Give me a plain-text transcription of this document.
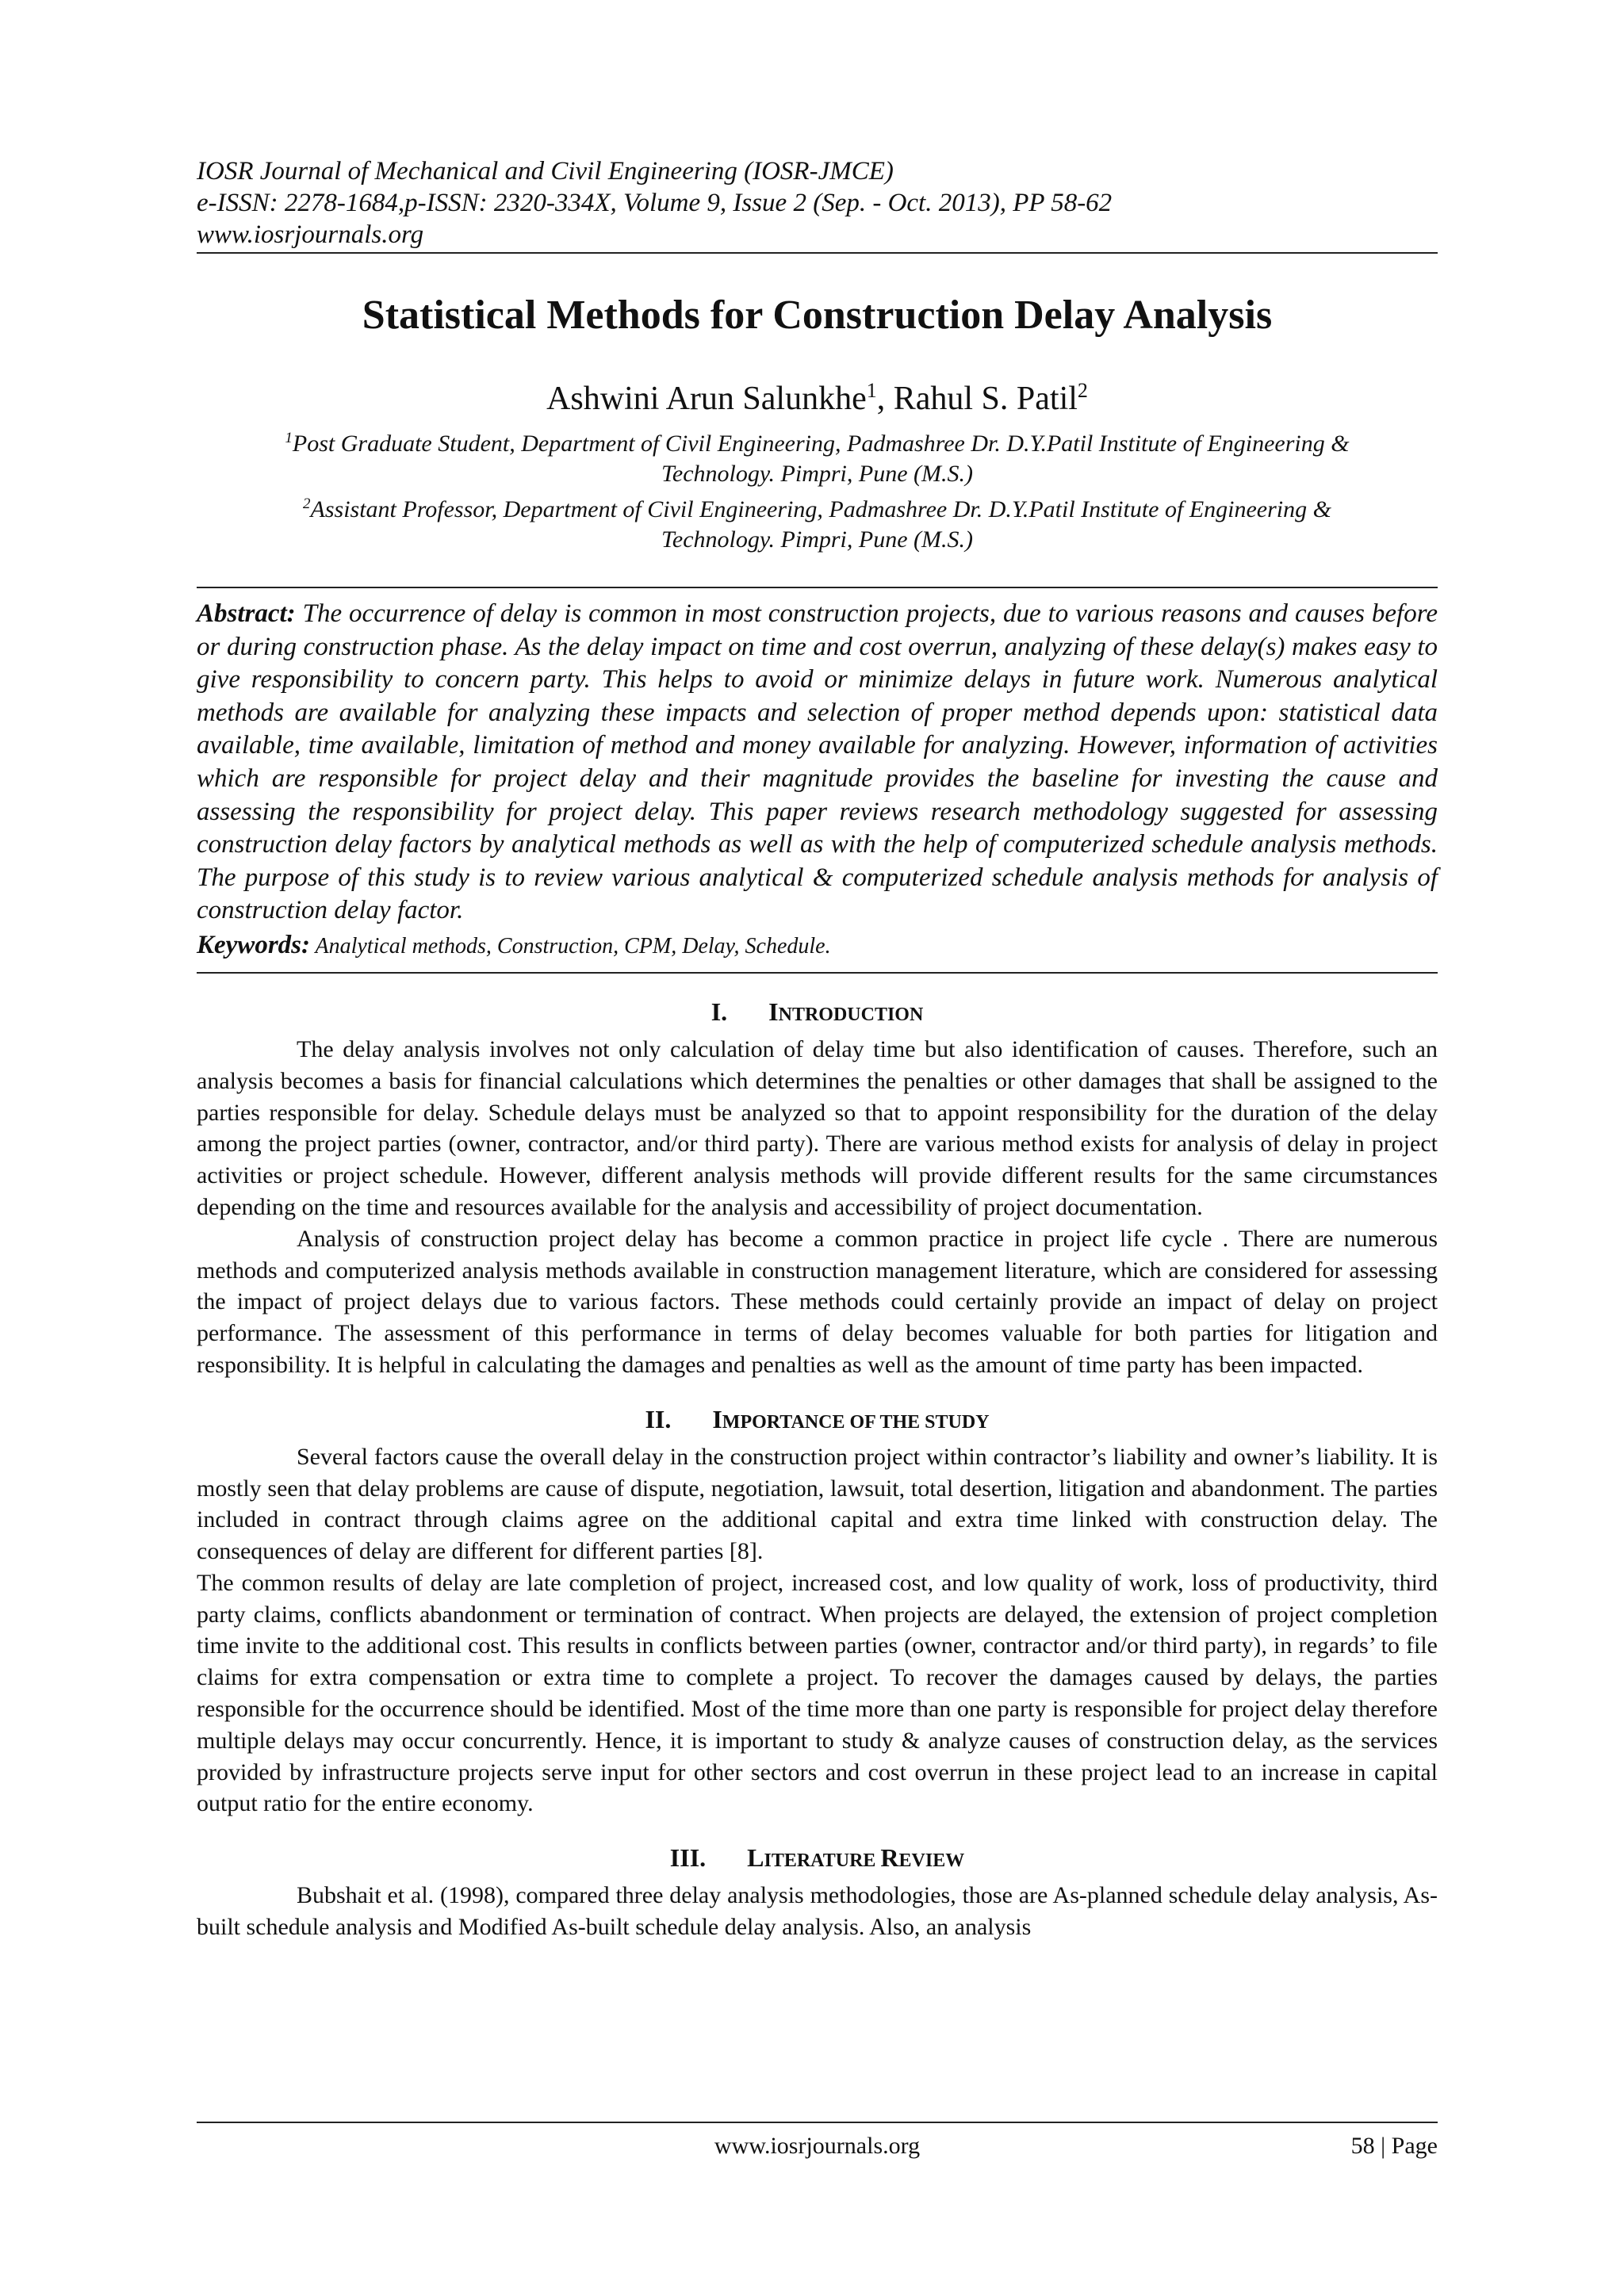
IOSR Journal of Mechanical and Civil Engineering (IOSR-JMCE)
e-ISSN: 2278-1684,p-ISSN: 2320-334X, Volume 9, Issue 2 (Sep. - Oct. 2013), PP 58-62
www.iosrjournals.org
Statistical Methods for Construction Delay Analysis
Ashwini Arun Salunkhe$^1$, Rahul S. Patil$^2$
$^1$Post Graduate Student, Department of Civil Engineering, Padmashree Dr. D.Y.Patil Institute of Engineering &
Technology. Pimpri, Pune (M.S.)
$^2$Assistant Professor, Department of Civil Engineering, Padmashree Dr. D.Y.Patil Institute of Engineering &
Technology. Pimpri, Pune (M.S.)

Abstract: The occurrence of delay is common in most construction projects, due to various reasons and causes before or during construction phase. As the delay impact on time and cost overrun, analyzing of these delay(s) makes easy to give responsibility to concern party. This helps to avoid or minimize delays in future work. Numerous analytical methods are available for analyzing these impacts and selection of proper method depends upon: statistical data available, time available, limitation of method and money available for analyzing. However, information of activities which are responsible for project delay and their magnitude provides the baseline for investing the cause and assessing the responsibility for project delay. This paper reviews research methodology suggested for assessing construction delay factors by analytical methods as well as with the help of computerized schedule analysis methods. The purpose of this study is to review various analytical & computerized schedule analysis methods for analysis of construction delay factor.

Keywords: Analytical methods, Construction, CPM, Delay, Schedule.

I. INTRODUCTION

The delay analysis involves not only calculation of delay time but also identification of causes. Therefore, such an analysis becomes a basis for financial calculations which determines the penalties or other damages that shall be assigned to the parties responsible for delay. Schedule delays must be analyzed so that to appoint responsibility for the duration of the delay among the project parties (owner, contractor, and/or third party). There are various method exists for analysis of delay in project activities or project schedule. However, different analysis methods will provide different results for the same circumstances depending on the time and resources available for the analysis and accessibility of project documentation.

Analysis of construction project delay has become a common practice in project life cycle . There are numerous methods and computerized analysis methods available in construction management literature, which are considered for assessing the impact of project delays due to various factors. These methods could certainly provide an impact of delay on project performance. The assessment of this performance in terms of delay becomes valuable for both parties for litigation and responsibility. It is helpful in calculating the damages and penalties as well as the amount of time party has been impacted.

II. IMPORTANCE OF THE STUDY

Several factors cause the overall delay in the construction project within contractor’s liability and owner’s liability. It is mostly seen that delay problems are cause of dispute, negotiation, lawsuit, total desertion, litigation and abandonment. The parties included in contract through claims agree on the additional capital and extra time linked with construction delay. The consequences of delay are different for different parties [8].

The common results of delay are late completion of project, increased cost, and low quality of work, loss of productivity, third party claims, conflicts abandonment or termination of contract. When projects are delayed, the extension of project completion time invite to the additional cost. This results in conflicts between parties (owner, contractor and/or third party), in regards’ to file claims for extra compensation or extra time to complete a project. To recover the damages caused by delays, the parties responsible for the occurrence should be identified. Most of the time more than one party is responsible for project delay therefore multiple delays may occur concurrently. Hence, it is important to study & analyze causes of construction delay, as the services provided by infrastructure projects serve input for other sectors and cost overrun in these project lead to an increase in capital output ratio for the entire economy.

III. LITERATURE REVIEW

Bubshait et al. (1998), compared three delay analysis methodologies, those are As-planned schedule delay analysis, As-built schedule analysis and Modified As-built schedule delay analysis. Also, an analysis

www.iosrjournals.org	58 | Page
